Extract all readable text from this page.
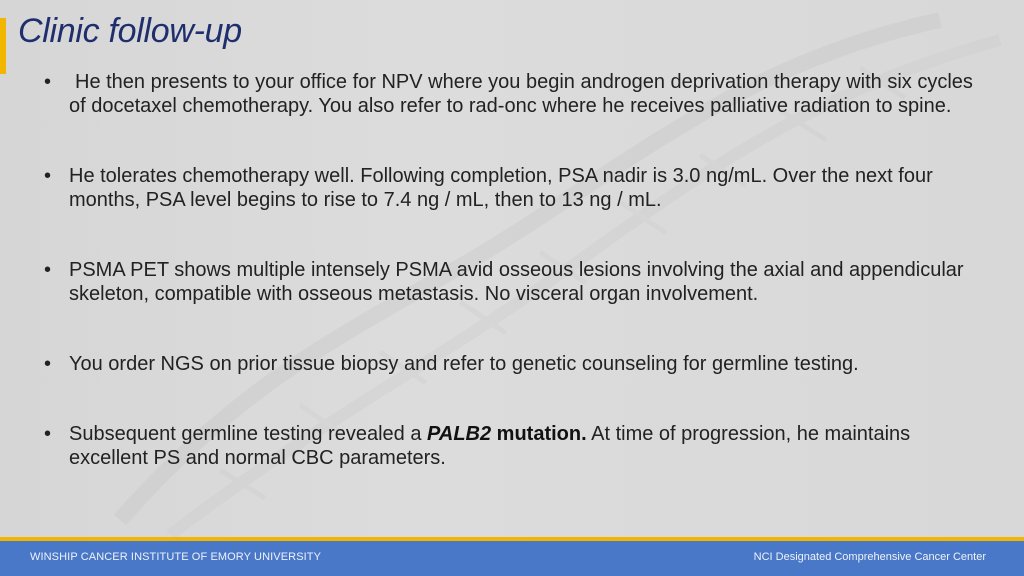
Clinic follow-up
•	He then presents to your office for NPV where you begin androgen deprivation therapy with six cycles of docetaxel chemotherapy. You also refer to rad-onc where he receives palliative radiation to spine.
• He tolerates chemotherapy well. Following completion, PSA nadir is 3.0 ng/mL. Over the next four months, PSA level begins to rise to 7.4 ng / mL, then to 13 ng / mL.
• PSMA PET shows multiple intensely PSMA avid osseous lesions involving the axial and appendicular skeleton, compatible with osseous metastasis. No visceral organ involvement.
• You order NGS on prior tissue biopsy and refer to genetic counseling for germline testing.
• Subsequent germline testing revealed a PALB2 mutation. At time of progression, he maintains excellent PS and normal CBC parameters.
WINSHIP CANCER INSTITUTE OF EMORY UNIVERSITY	NCI Designated Comprehensive Cancer Center
